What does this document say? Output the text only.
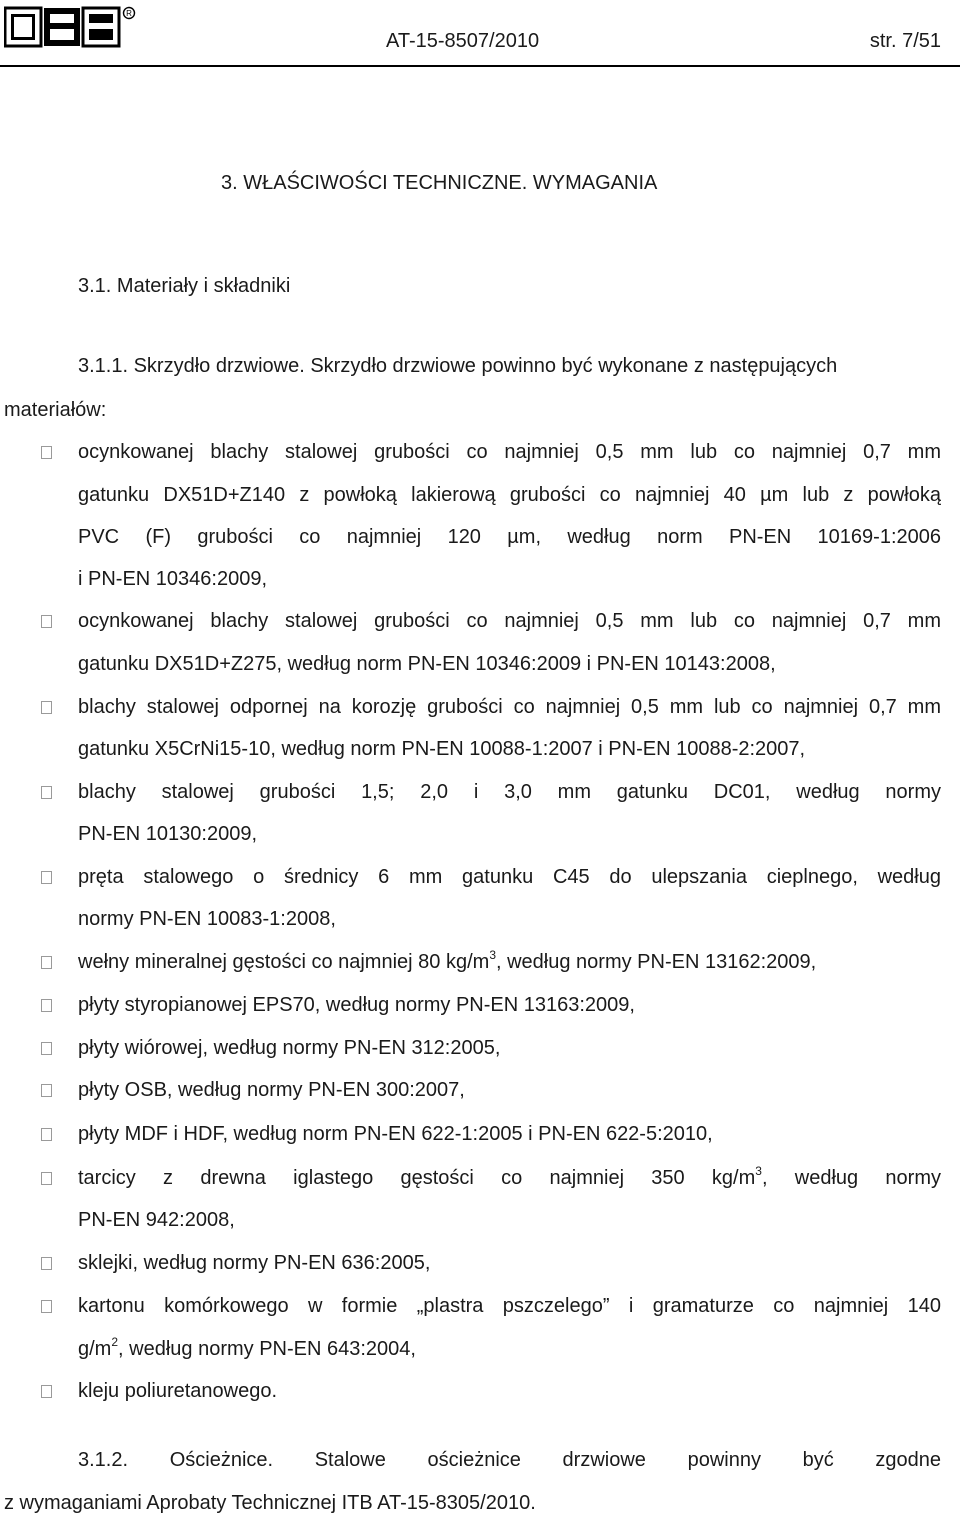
R
AT-15-8507/2010	str. 7/51
3. WŁAŚCIWOŚCI TECHNICZNE. WYMAGANIA
3.1. Materiały i składniki
3.1.1. Skrzydło drzwiowe. Skrzydło drzwiowe powinno być wykonane z następujących
materiałów:
ocynkowanej blachy stalowej grubości co najmniej 0,5 mm lub co najmniej 0,7 mm
gatunku DX51D+Z140 z powłoką lakierową grubości co najmniej 40 µm lub z powłoką
PVC (F) grubości co najmniej 120 µm, według norm PN-EN 10169-1:2006
i PN-EN 10346:2009,
ocynkowanej blachy stalowej grubości co najmniej 0,5 mm lub co najmniej 0,7 mm
gatunku DX51D+Z275, według norm PN-EN 10346:2009 i PN-EN 10143:2008,
blachy stalowej odpornej na korozję grubości co najmniej 0,5 mm lub co najmniej 0,7 mm
gatunku X5CrNi15-10, według norm PN-EN 10088-1:2007 i PN-EN 10088-2:2007,
blachy stalowej grubości 1,5; 2,0 i 3,0 mm gatunku DC01, według normy
PN-EN 10130:2009,
pręta stalowego o średnicy 6 mm gatunku C45 do ulepszania cieplnego, według
normy PN-EN 10083-1:2008,
wełny mineralnej gęstości co najmniej 80 $kg/m^3$, według normy PN-EN 13162:2009,
płyty styropianowej EPS70, według normy PN-EN 13163:2009,
płyty wiórowej, według normy PN-EN 312:2005,
płyty OSB, według normy PN-EN 300:2007,
płyty MDF i HDF, według norm PN-EN 622-1:2005 i PN-EN 622-5:2010,
tarcicy z drewna iglastego gęstości co najmniej 350 $kg/m^3$, według normy
PN-EN 942:2008,
sklejki, według normy PN-EN 636:2005,
kartonu komórkowego w formie „plastra pszczelego” i gramaturze co najmniej 140
$g/m^2$, według normy PN-EN 643:2004,
kleju poliuretanowego.
3.1.2. Ościeżnice. Stalowe ościeżnice drzwiowe powinny być zgodne
z wymaganiami Aprobaty Technicznej ITB AT-15-8305/2010.
